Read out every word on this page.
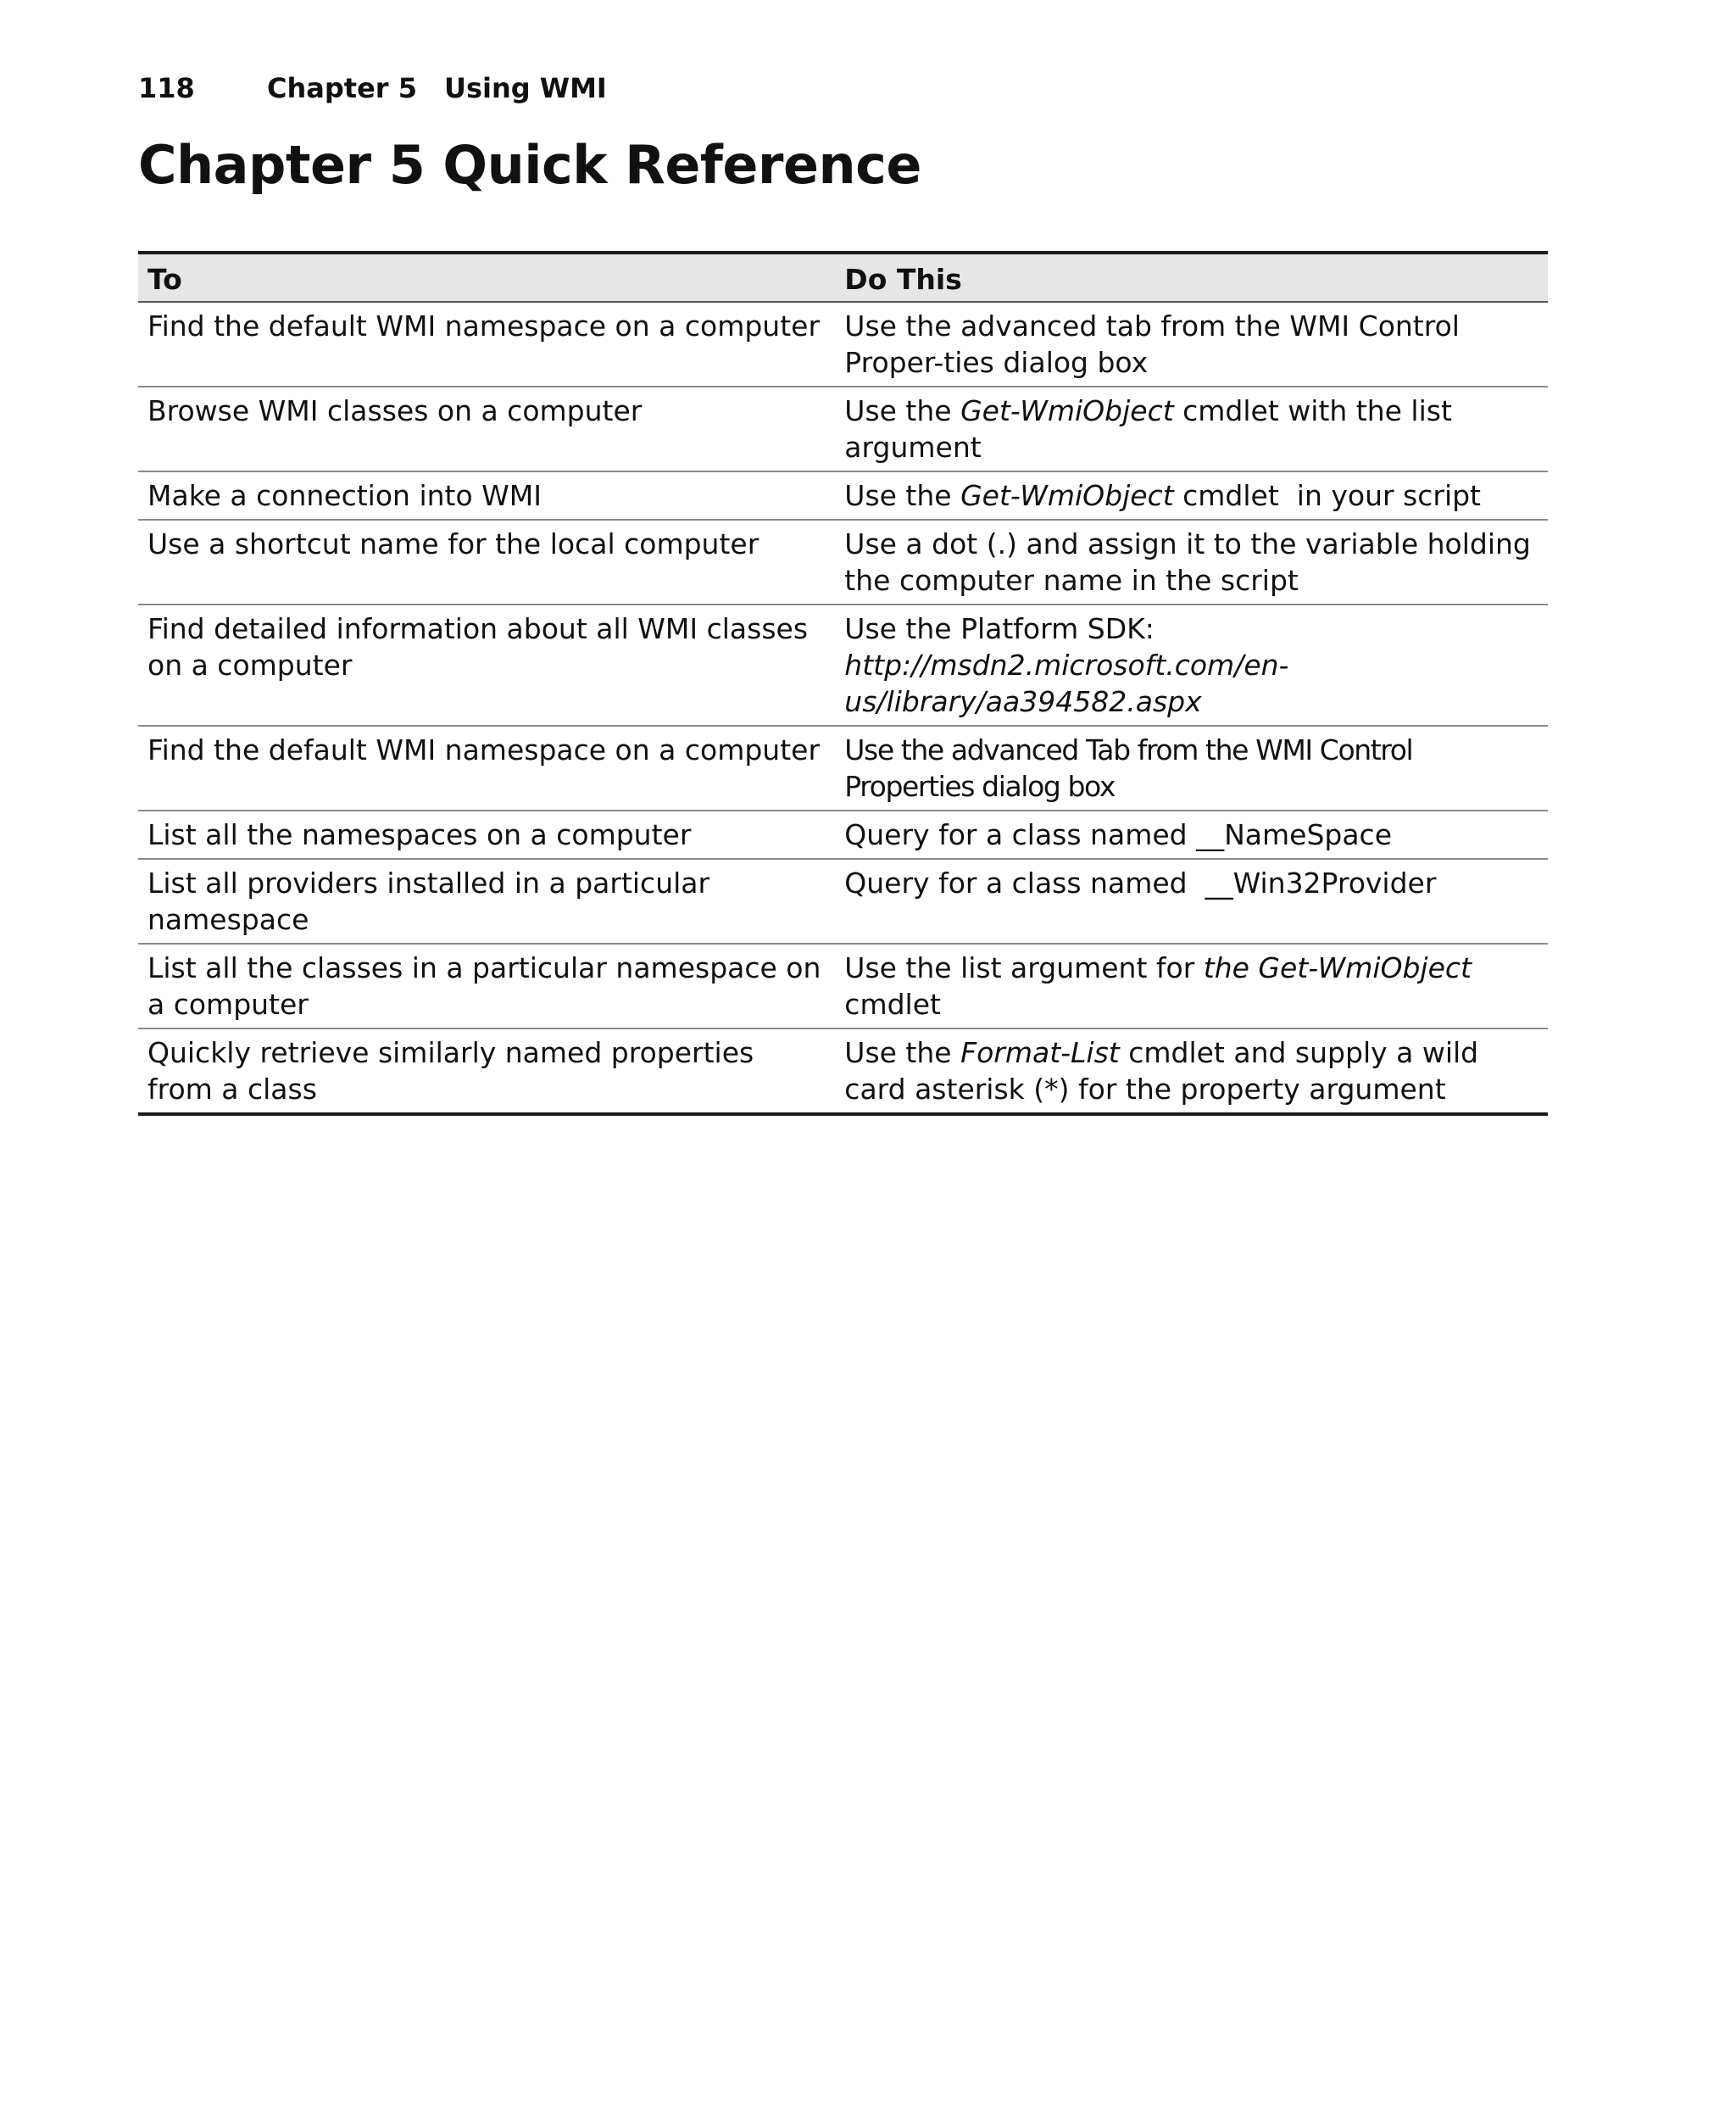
118	Chapter 5 Using WMI
Chapter 5 Quick Reference
To	Do This
Find the default WMI namespace on a computer	Use the advanced tab from the WMI Control Proper-ties dialog box
Browse WMI classes on a computer	Use the Get-WmiObject cmdlet with the list argument
Make a connection into WMI	Use the Get-WmiObject cmdlet  in your script
Use a shortcut name for the local computer	Use a dot (.) and assign it to the variable holding the computer name in the script
Find detailed information about all WMI classes on a computer	Use the Platform SDK: http://msdn2.microsoft.com/en-us/library/aa394582.aspx
Find the default WMI namespace on a computer	Use the advanced Tab from the WMI Control Properties dialog box
List all the namespaces on a computer	Query for a class named __NameSpace
List all providers installed in a particular namespace	Query for a class named  __Win32Provider
List all the classes in a particular namespace on a computer	Use the list argument for the Get-WmiObject cmdlet
Quickly retrieve similarly named properties from a class	Use the Format-List cmdlet and supply a wild card asterisk (*) for the property argument
